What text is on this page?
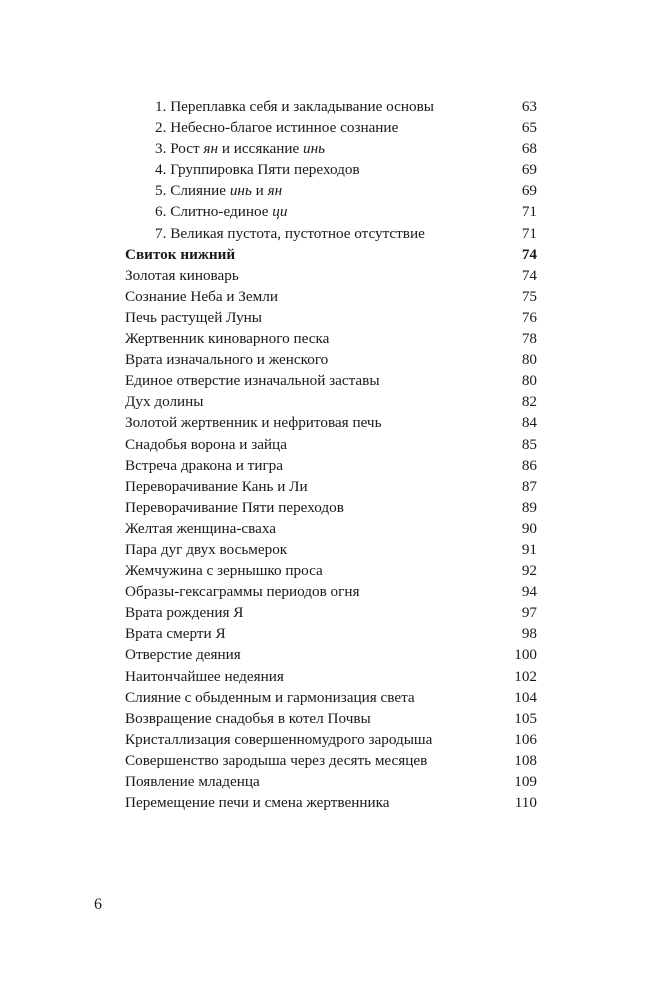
1. Переплавка себя и закладывание основы	63
2. Небесно-благое истинное сознание	65
3. Рост ян и иссякание инь	68
4. Группировка Пяти переходов	69
5. Слияние инь и ян	69
6. Слитно-единое ци	71
7. Великая пустота, пустотное отсутствие	71
Свиток нижний	74
Золотая киноварь	74
Сознание Неба и Земли	75
Печь растущей Луны	76
Жертвенник киноварного песка	78
Врата изначального и женского	80
Единое отверстие изначальной заставы	80
Дух долины	82
Золотой жертвенник и нефритовая печь	84
Снадобья ворона и зайца	85
Встреча дракона и тигра	86
Переворачивание Кань и Ли	87
Переворачивание Пяти переходов	89
Желтая женщина-сваха	90
Пара дуг двух восьмерок	91
Жемчужина с зернышко проса	92
Образы-гексаграммы периодов огня	94
Врата рождения Я	97
Врата смерти Я	98
Отверстие деяния	100
Наитончайшее недеяния	102
Слияние с обыденным и гармонизация света	104
Возвращение снадобья в котел Почвы	105
Кристаллизация совершенномудрого зародыша	106
Совершенство зародыша через десять месяцев	108
Появление младенца	109
Перемещение печи и смена жертвенника	110
6
